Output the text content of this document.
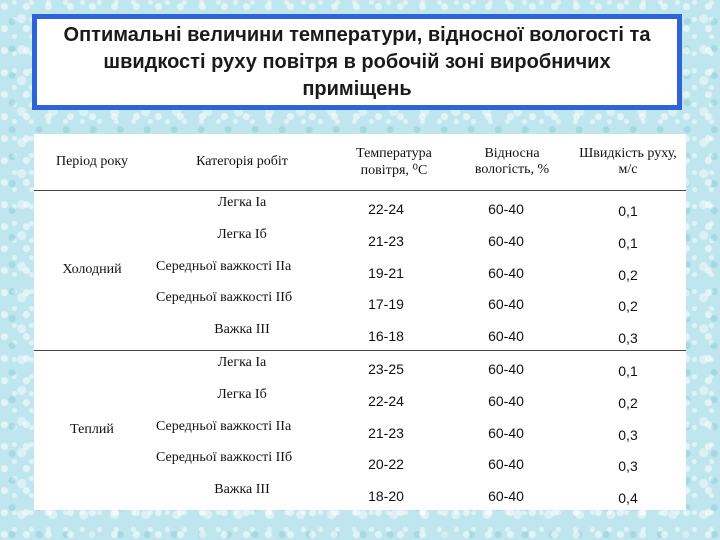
Оптимальні величини температури, відносної вологості та швидкості руху повітря в робочій зоні виробничих приміщень
Період року	Категорія робіт	Температура повітря, ⁰С	Відносна вологість, %	Швидкість руху, м/с
Холодний	Легка Іа	22-24	60-40	0,1
	Легка Іб	21-23	60-40	0,1
	Середньої важкості IIа	19-21	60-40	0,2
	Середньої важкості IIб	17-19	60-40	0,2
	Важка III	16-18	60-40	0,3
Теплий	Легка Іа	23-25	60-40	0,1
	Легка Іб	22-24	60-40	0,2
	Середньої важкості IIа	21-23	60-40	0,3
	Середньої важкості IIб	20-22	60-40	0,3
	Важка III	18-20	60-40	0,4
